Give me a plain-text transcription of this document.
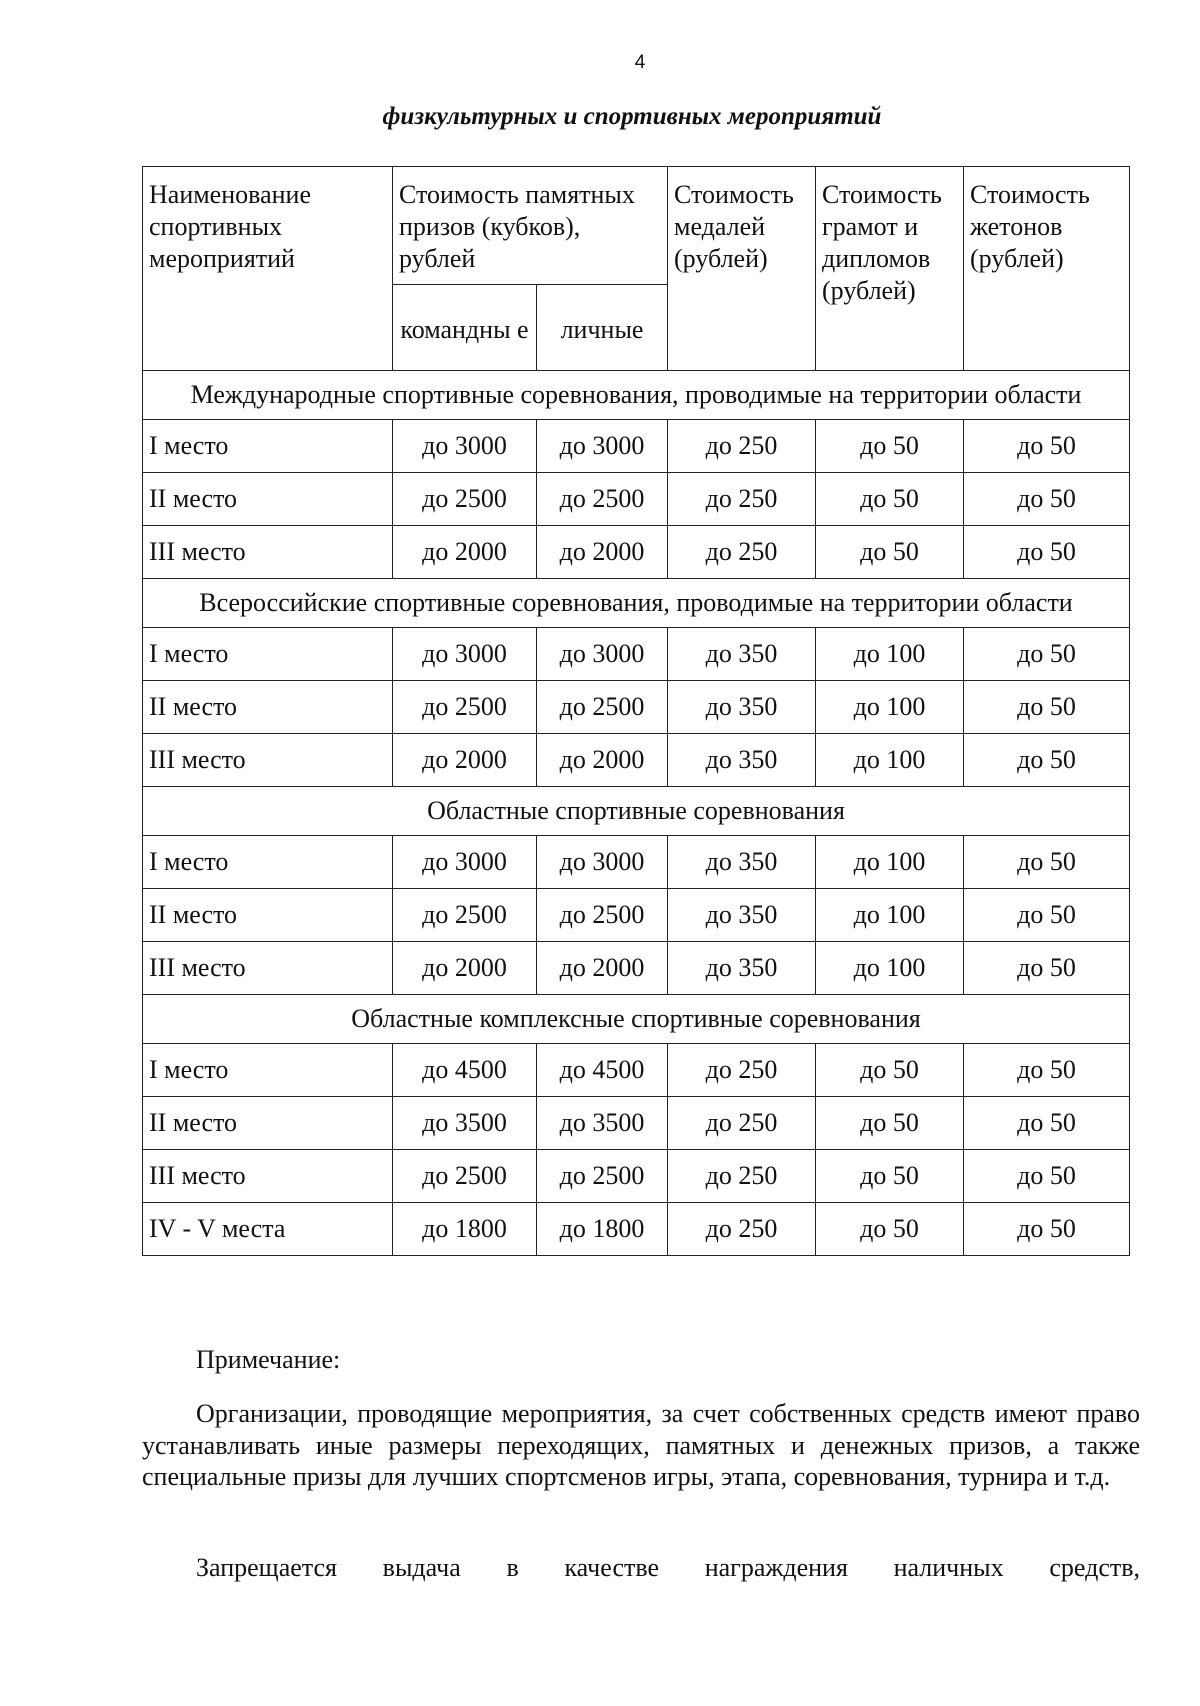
4
физкультурных и спортивных мероприятий
Наименование спортивных мероприятий	Стоимость памятных призов (кубков), рублей		Стоимость медалей (рублей)	Стоимость грамот и дипломов (рублей)	Стоимость жетонов (рублей)
	командны е	личные			
Международные спортивные соревнования, проводимые на территории области					
I место	до 3000	до 3000	до 250	до 50	до 50
II место	до 2500	до 2500	до 250	до 50	до 50
III место	до 2000	до 2000	до 250	до 50	до 50
Всероссийские спортивные соревнования, проводимые на территории области					
I место	до 3000	до 3000	до 350	до 100	до 50
II место	до 2500	до 2500	до 350	до 100	до 50
III место	до 2000	до 2000	до 350	до 100	до 50
Областные спортивные соревнования					
I место	до 3000	до 3000	до 350	до 100	до 50
II место	до 2500	до 2500	до 350	до 100	до 50
III место	до 2000	до 2000	до 350	до 100	до 50
Областные комплексные спортивные соревнования					
I место	до 4500	до 4500	до 250	до 50	до 50
II место	до 3500	до 3500	до 250	до 50	до 50
III место	до 2500	до 2500	до 250	до 50	до 50
IV - V места	до 1800	до 1800	до 250	до 50	до 50
Примечание:
Организации, проводящие мероприятия, за счет собственных средств имеют право устанавливать иные размеры переходящих, памятных и денежных призов, а также специальные призы для лучших спортсменов игры, этапа, соревнования, турнира и т.д.
Запрещается выдача в качестве награждения наличных средств,
